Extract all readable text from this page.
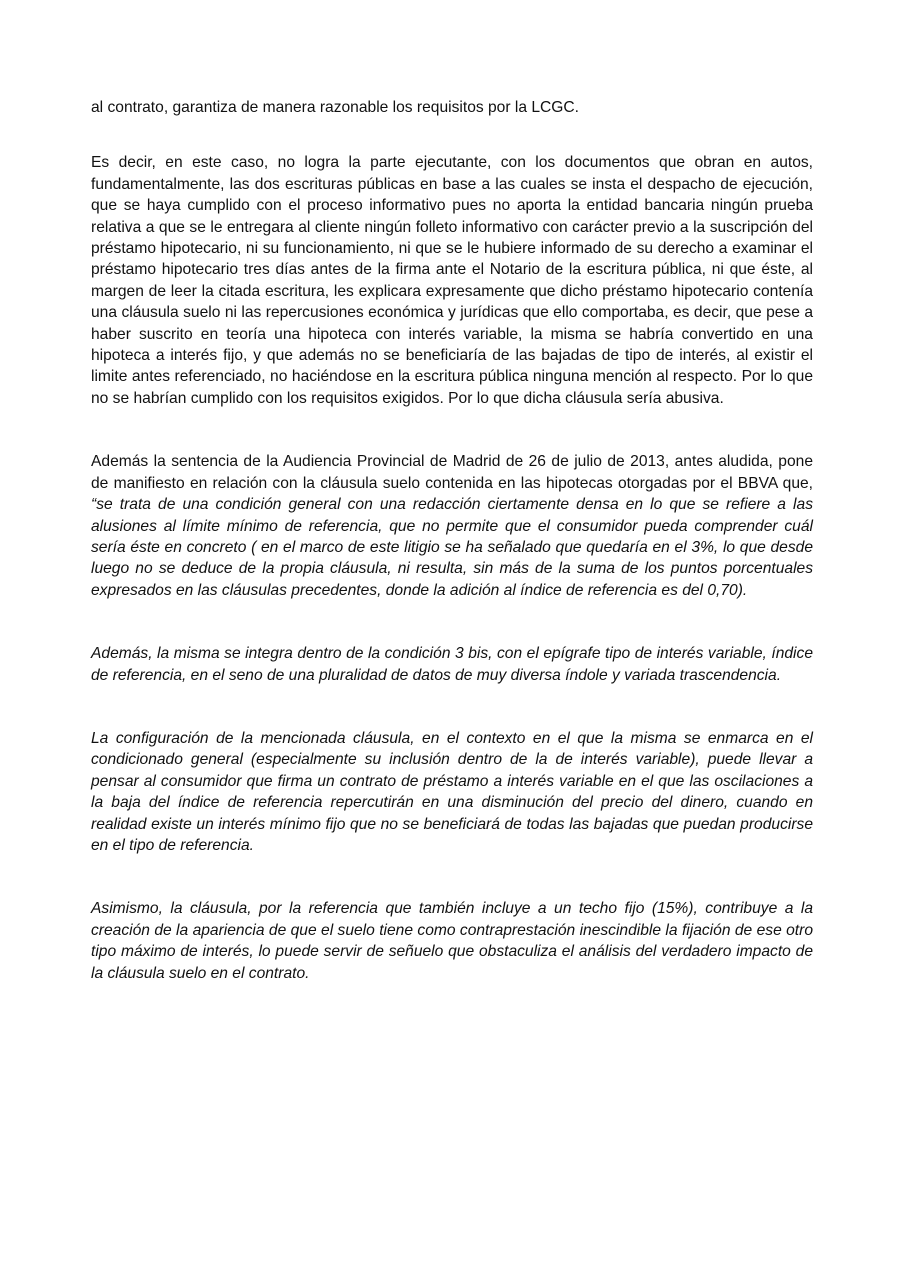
al contrato, garantiza de manera razonable los requisitos por la LCGC.

Es decir, en este caso, no logra la parte ejecutante, con los documentos que obran en autos, fundamentalmente, las dos escrituras públicas en base a las cuales se insta el despacho de ejecución, que se haya cumplido con el proceso informativo pues no aporta la entidad bancaria ningún prueba relativa a que se le entregara al cliente ningún folleto informativo con carácter previo a la suscripción del préstamo hipotecario, ni su funcionamiento, ni que se le hubiere informado de su derecho a examinar el préstamo hipotecario tres días antes de la firma ante el Notario de la escritura pública, ni que éste, al margen de leer la citada escritura, les explicara expresamente que dicho préstamo hipotecario contenía una cláusula suelo ni las repercusiones económica y jurídicas que ello comportaba, es decir, que pese a haber suscrito en teoría una hipoteca con interés variable, la misma se habría convertido en una hipoteca a interés fijo, y que además no se beneficiaría de las bajadas de tipo de interés, al existir el limite antes referenciado, no haciéndose en la escritura pública ninguna mención al respecto. Por lo que no se habrían cumplido con los requisitos exigidos. Por lo que dicha cláusula sería abusiva.

Además la sentencia de la Audiencia Provincial de Madrid de 26 de julio de 2013, antes aludida, pone de manifiesto en relación con la cláusula suelo contenida en las hipotecas otorgadas por el BBVA que, “se trata de una condición general con una redacción ciertamente densa en lo que se refiere a las alusiones al límite mínimo de referencia, que no permite que el consumidor pueda comprender cuál sería éste en concreto ( en el marco de este litigio se ha señalado que quedaría en el 3%, lo que desde luego no se deduce de la propia cláusula, ni resulta, sin más de la suma de los puntos porcentuales expresados en las cláusulas precedentes, donde la adición al índice de referencia es del 0,70).

Además, la misma se integra dentro de la condición 3 bis, con el epígrafe tipo de interés variable, índice de referencia, en el seno de una pluralidad de datos de muy diversa índole y variada trascendencia.

La configuración de la mencionada cláusula, en el contexto en el que la misma se enmarca en el condicionado general (especialmente su inclusión dentro de la de interés variable), puede llevar a pensar al consumidor que firma un contrato de préstamo a interés variable en el que las oscilaciones a la baja del índice de referencia repercutirán en una disminución del precio del dinero, cuando en realidad existe un interés mínimo fijo que no se beneficiará de todas las bajadas que puedan producirse en el tipo de referencia.

Asimismo, la cláusula, por la referencia que también incluye a un techo fijo (15%), contribuye a la creación de la apariencia de que el suelo tiene como contraprestación inescindible la fijación de ese otro tipo máximo de interés, lo puede servir de señuelo que obstaculiza el análisis del verdadero impacto de la cláusula suelo en el contrato.
